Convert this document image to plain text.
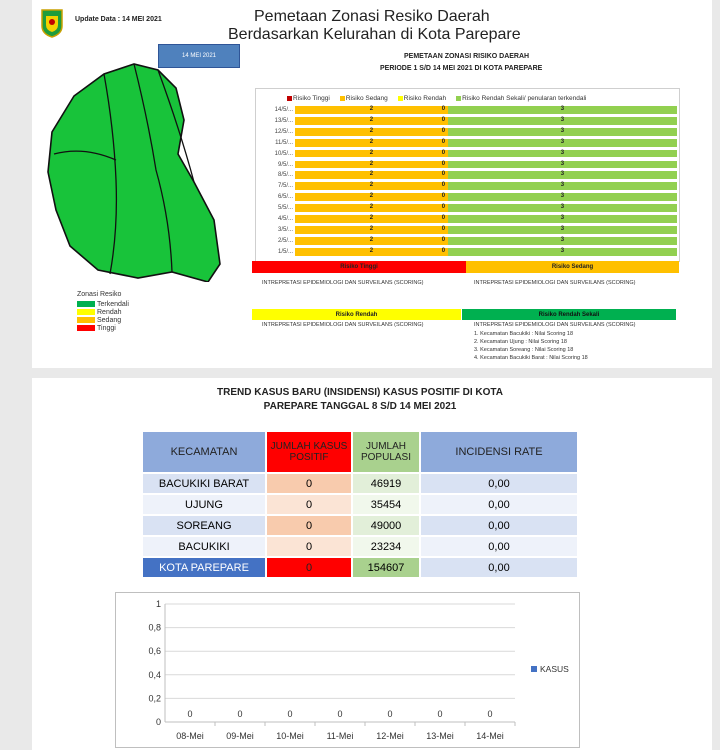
Update Data : 14 MEI 2021	Pemetaan Zonasi Resiko Daerah
Berdasarkan Kelurahan di Kota Parepare
14 MEI 2021
Zonasi Resiko
Terkendali
Rendah
Sedang
Tinggi
PEMETAAN ZONASI RISIKO DAERAH
PERIODE 1 S/D 14 MEI 2021 DI KOTA PAREPARE
Risiko Tinggi Risiko Sedang Risiko Rendah Risiko Rendah Sekali/ penularan terkendali
14/5/...	2	3
0
13/5/...	2	3
0
12/5/...	2	3
0
11/5/...	2	3
0
10/5/...	2	3
0
9/5/...	2	3
0
8/5/...	2	3
0
7/5/...	2	3
0
6/5/...	2	3
0
5/5/...	2	3
0
4/5/...	2	3
0
3/5/...	2	3
0
2/5/...	2	3
0
1/5/...	2	3
0
Risiko Tinggi	Risiko Sedang
INTREPRETASI EPIDEMIOLOGI DAN SURVEILANS (SCORING)	INTREPRETASI EPIDEMIOLOGI DAN SURVEILANS (SCORING)
Risiko Rendah	Risiko Rendah Sekali
INTREPRETASI EPIDEMIOLOGI DAN SURVEILANS (SCORING)	INTREPRETASI EPIDEMIOLOGI DAN SURVEILANS (SCORING)
1. Kecamatan Bacukiki : Nilai Scoring 18
2. Kecamatan Ujung : Nilai Scoring 18
3. Kecamatan Soreang : Nilai Scoring 18
4. Kecamatan Bacukiki Barat : Nilai Scoring 18
TREND KASUS BARU (INSIDENSI) KASUS POSITIF DI KOTA
PAREPARE TANGGAL 8 S/D 14 MEI 2021
KECAMATAN	JUMLAH KASUS POSITIF	JUMLAH POPULASI	INCIDENSI RATE
BACUKIKI BARAT	0	46919	0,00
UJUNG	0	35454	0,00
SOREANG	0	49000	0,00
BACUKIKI	0	23234	0,00
KOTA PAREPARE	0	154607	0,00
0
0,2
0,4
0,6
0,8
1
0
08-Mei
0
09-Mei
0
10-Mei
0
11-Mei
0
12-Mei
0
13-Mei
0
14-Mei
KASUS
